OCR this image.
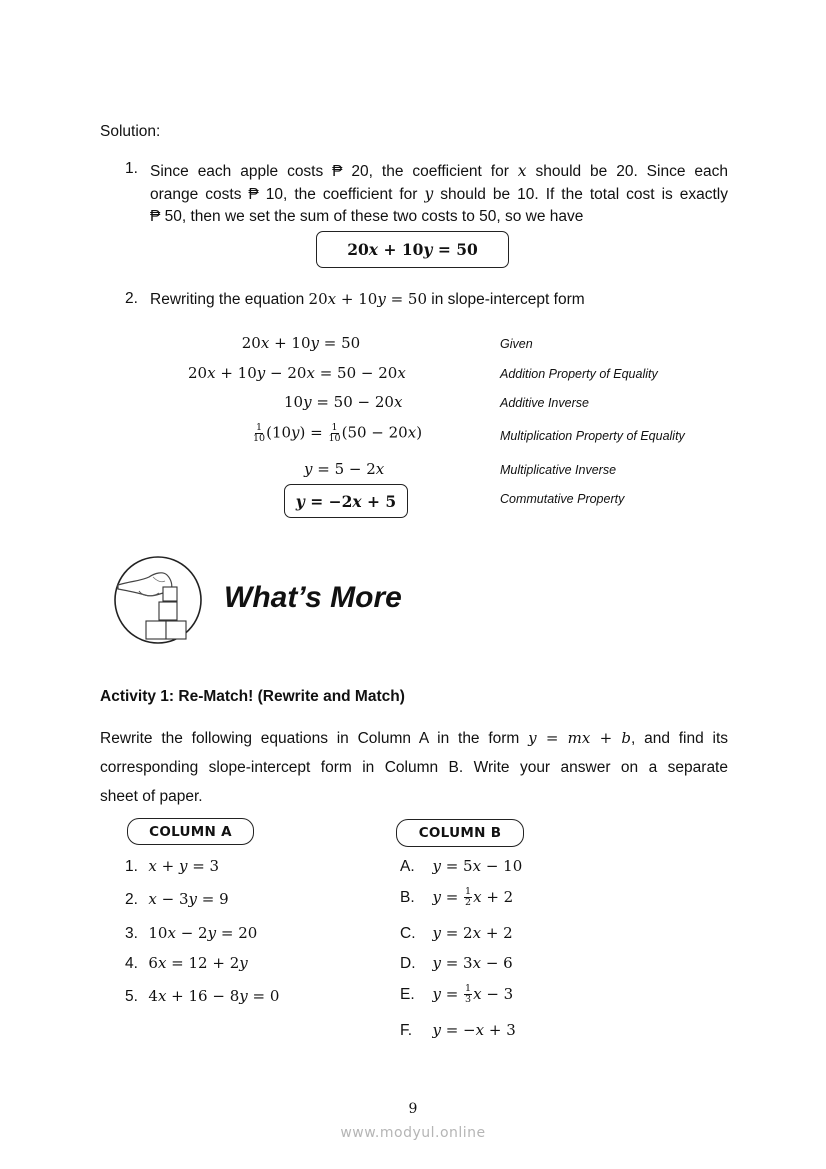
Solution:
1. Since each apple costs ₱ 20, the coefficient for x should be 20. Since each
orange costs ₱ 10, the coefficient for y should be 10. If the total cost is exactly
₱ 50, then we set the sum of these two costs to 50, so we have
20x + 10y = 50
2. Rewriting the equation 20x + 10y = 50 in slope-intercept form
20x + 10y = 50	Given
20x + 10y − 20x = 50 − 20x	Addition Property of Equality
10y = 50 − 20x	Additive Inverse
$\frac{1}{10} (10y) = \frac{1}{10} (50 - 20x)$	Multiplication Property of Equality
y = 5 − 2x	Multiplicative Inverse
y = −2x + 5	Commutative Property
What’s More
Activity 1: Re-Match! (Rewrite and Match)
Rewrite the following equations in Column A in the form y = mx + b, and find its
corresponding slope-intercept form in Column B. Write your answer on a separate
sheet of paper.
COLUMN A
1. x + y = 3
2. x − 3y = 9
3. 10x − 2y = 20
4. 6x = 12 + 2y
5. 4x + 16 − 8y = 0
COLUMN B
A. y = 5x − 10
B. $y = \frac{1}{2}$ x + 2
C. y = 2x + 2
D. y = 3x − 6
E. $y = \frac{1}{3}$ x − 3
F. y = −x + 3
9
www.modyul.online
